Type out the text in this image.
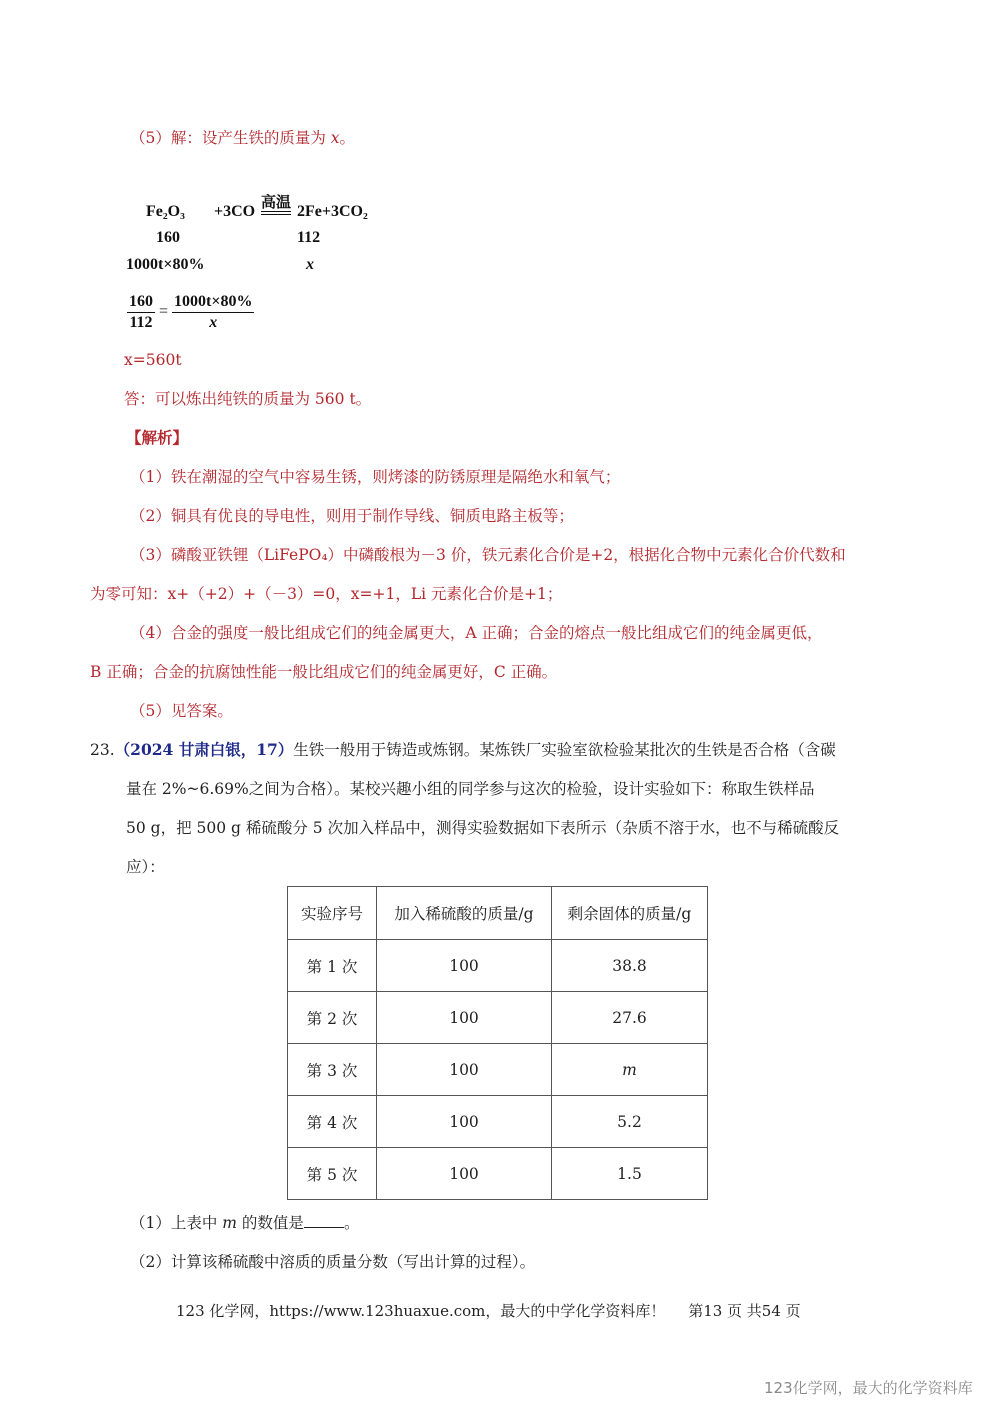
（5）解：设产生铁的质量为 x。
Fe₂O₃ +3CO 高温 2Fe+3CO₂
160	112
1000t×80%	x
$\frac{160}{112} = \frac{1000t\times 80\%}{x}$
x=560t
答：可以炼出纯铁的质量为 560 t。
【解析】
（1）铁在潮湿的空气中容易生锈，则烤漆的防锈原理是隔绝水和氧气；
（2）铜具有优良的导电性，则用于制作导线、铜质电路主板等；
（3）磷酸亚铁锂（LiFePO₄）中磷酸根为－3 价，铁元素化合价是+2，根据化合物中元素化合价代数和
为零可知：x+（+2）+（－3）=0，x=+1，Li 元素化合价是+1；
（4）合金的强度一般比组成它们的纯金属更大，A 正确；合金的熔点一般比组成它们的纯金属更低，
B 正确；合金的抗腐蚀性能一般比组成它们的纯金属更好，C 正确。
（5）见答案。
23.（2024 甘肃白银，17）生铁一般用于铸造或炼钢。某炼铁厂实验室欲检验某批次的生铁是否合格（含碳
量在 2%~6.69%之间为合格）。某校兴趣小组的同学参与这次的检验，设计实验如下：称取生铁样品
50 g，把 500 g 稀硫酸分 5 次加入样品中，测得实验数据如下表所示（杂质不溶于水，也不与稀硫酸反
应）：
实验序号	加入稀硫酸的质量/g	剩余固体的质量/g
第 1 次	100	38.8
第 2 次	100	27.6
第 3 次	100	m
第 4 次	100	5.2
第 5 次	100	1.5
（1）上表中 m 的数值是	。
（2）计算该稀硫酸中溶质的质量分数（写出计算的过程）。
123 化学网，https://www.123huaxue.com，最大的中学化学资料库！ 第13 页 共54 页
123化学网，最大的化学资料库
